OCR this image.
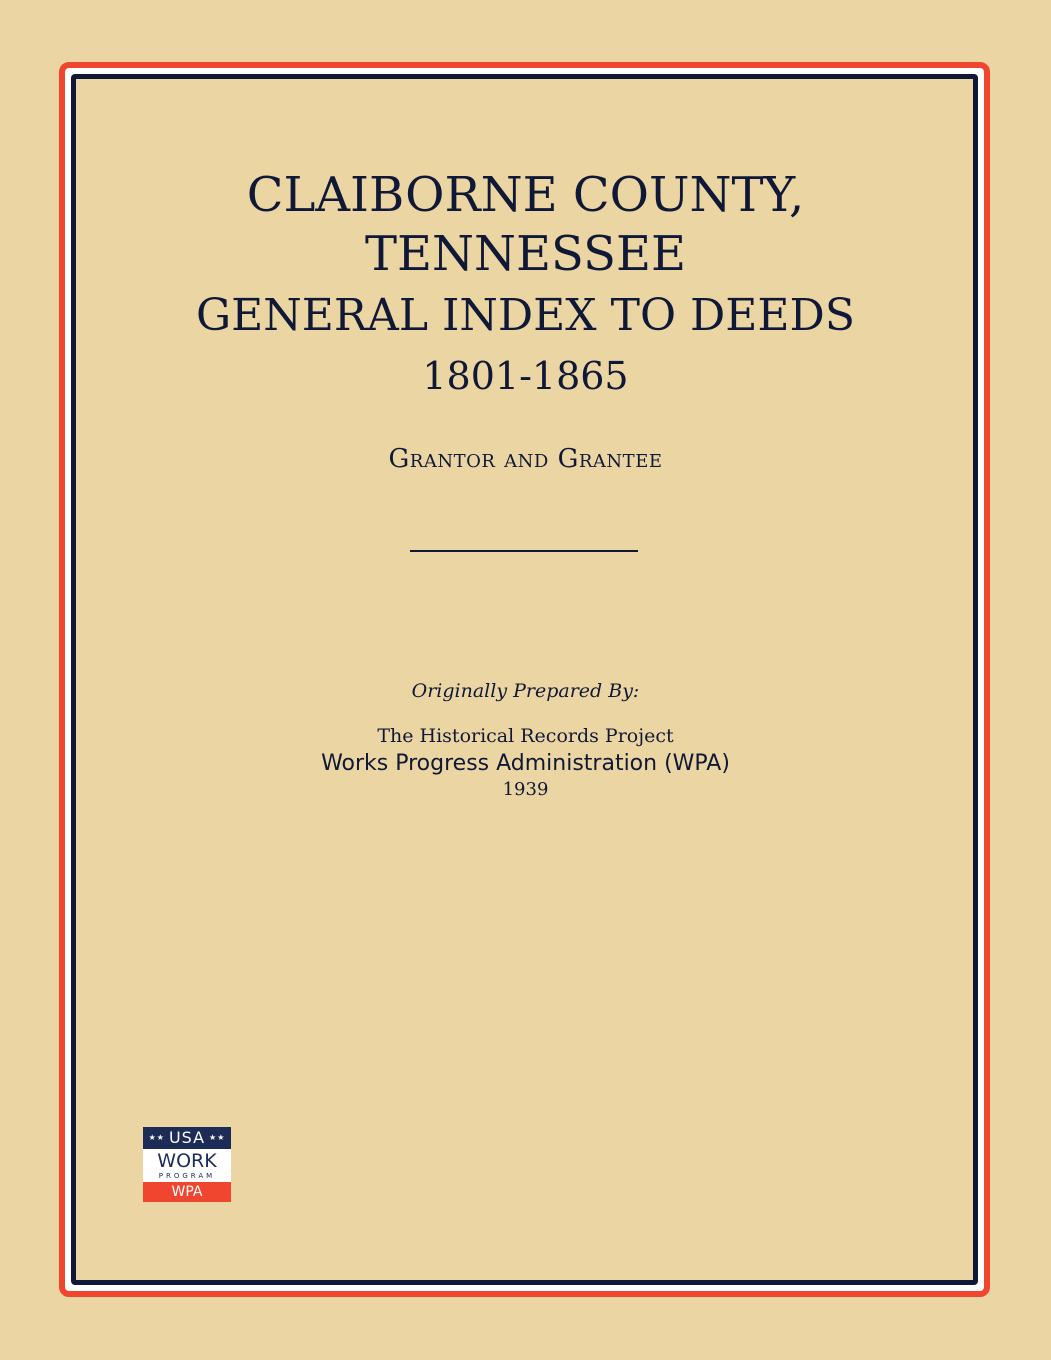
CLAIBORNE COUNTY,
TENNESSEE
GENERAL INDEX TO DEEDS
1801-1865
Grantor and Grantee
Originally Prepared By:
The Historical Records Project
Works Progress Administration (WPA)
1939
★★ USA ★★
WORK
PROGRAM
WPA
